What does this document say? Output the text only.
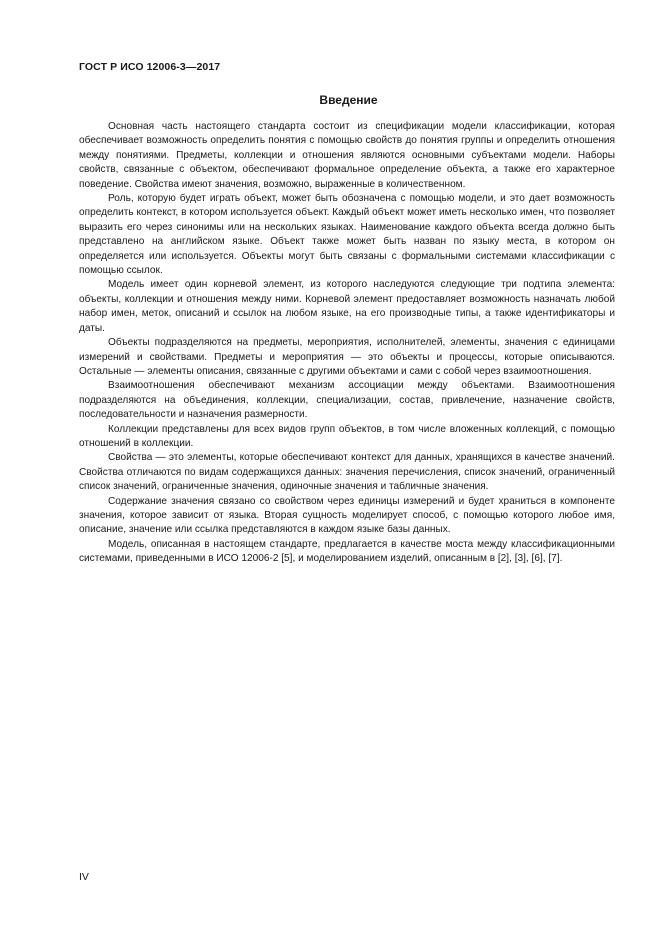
ГОСТ Р ИСО 12006-3—2017
Введение

Основная часть настоящего стандарта состоит из спецификации модели классификации, которая обеспечивает возможность определить понятия с помощью свойств до понятия группы и определить отношения между понятиями. Предметы, коллекции и отношения являются основными субъектами модели. Наборы свойств, связанные с объектом, обеспечивают формальное определение объекта, а также его характерное поведение. Свойства имеют значения, возможно, выраженные в количественном.

Роль, которую будет играть объект, может быть обозначена с помощью модели, и это дает возможность определить контекст, в котором используется объект. Каждый объект может иметь несколько имен, что позволяет выразить его через синонимы или на нескольких языках. Наименование каждого объекта всегда должно быть представлено на английском языке. Объект также может быть назван по языку места, в котором он определяется или используется. Объекты могут быть связаны с формальными системами классификации с помощью ссылок.

Модель имеет один корневой элемент, из которого наследуются следующие три подтипа элемента: объекты, коллекции и отношения между ними. Корневой элемент предоставляет возможность назначать любой набор имен, меток, описаний и ссылок на любом языке, на его производные типы, а также идентификаторы и даты.

Объекты подразделяются на предметы, мероприятия, исполнителей, элементы, значения с единицами измерений и свойствами. Предметы и мероприятия — это объекты и процессы, которые описываются. Остальные — элементы описания, связанные с другими объектами и сами с собой через взаимоотношения.

Взаимоотношения обеспечивают механизм ассоциации между объектами. Взаимоотношения подразделяются на объединения, коллекции, специализации, состав, привлечение, назначение свойств, последовательности и назначения размерности.

Коллекции представлены для всех видов групп объектов, в том числе вложенных коллекций, с помощью отношений в коллекции.

Свойства — это элементы, которые обеспечивают контекст для данных, хранящихся в качестве значений. Свойства отличаются по видам содержащихся данных: значения перечисления, список значений, ограниченный список значений, ограниченные значения, одиночные значения и табличные значения.

Содержание значения связано со свойством через единицы измерений и будет храниться в компоненте значения, которое зависит от языка. Вторая сущность моделирует способ, с помощью которого любое имя, описание, значение или ссылка представляются в каждом языке базы данных.

Модель, описанная в настоящем стандарте, предлагается в качестве моста между классификационными системами, приведенными в ИСО 12006-2 [5], и моделированием изделий, описанным в [2], [3], [6], [7].

IV
